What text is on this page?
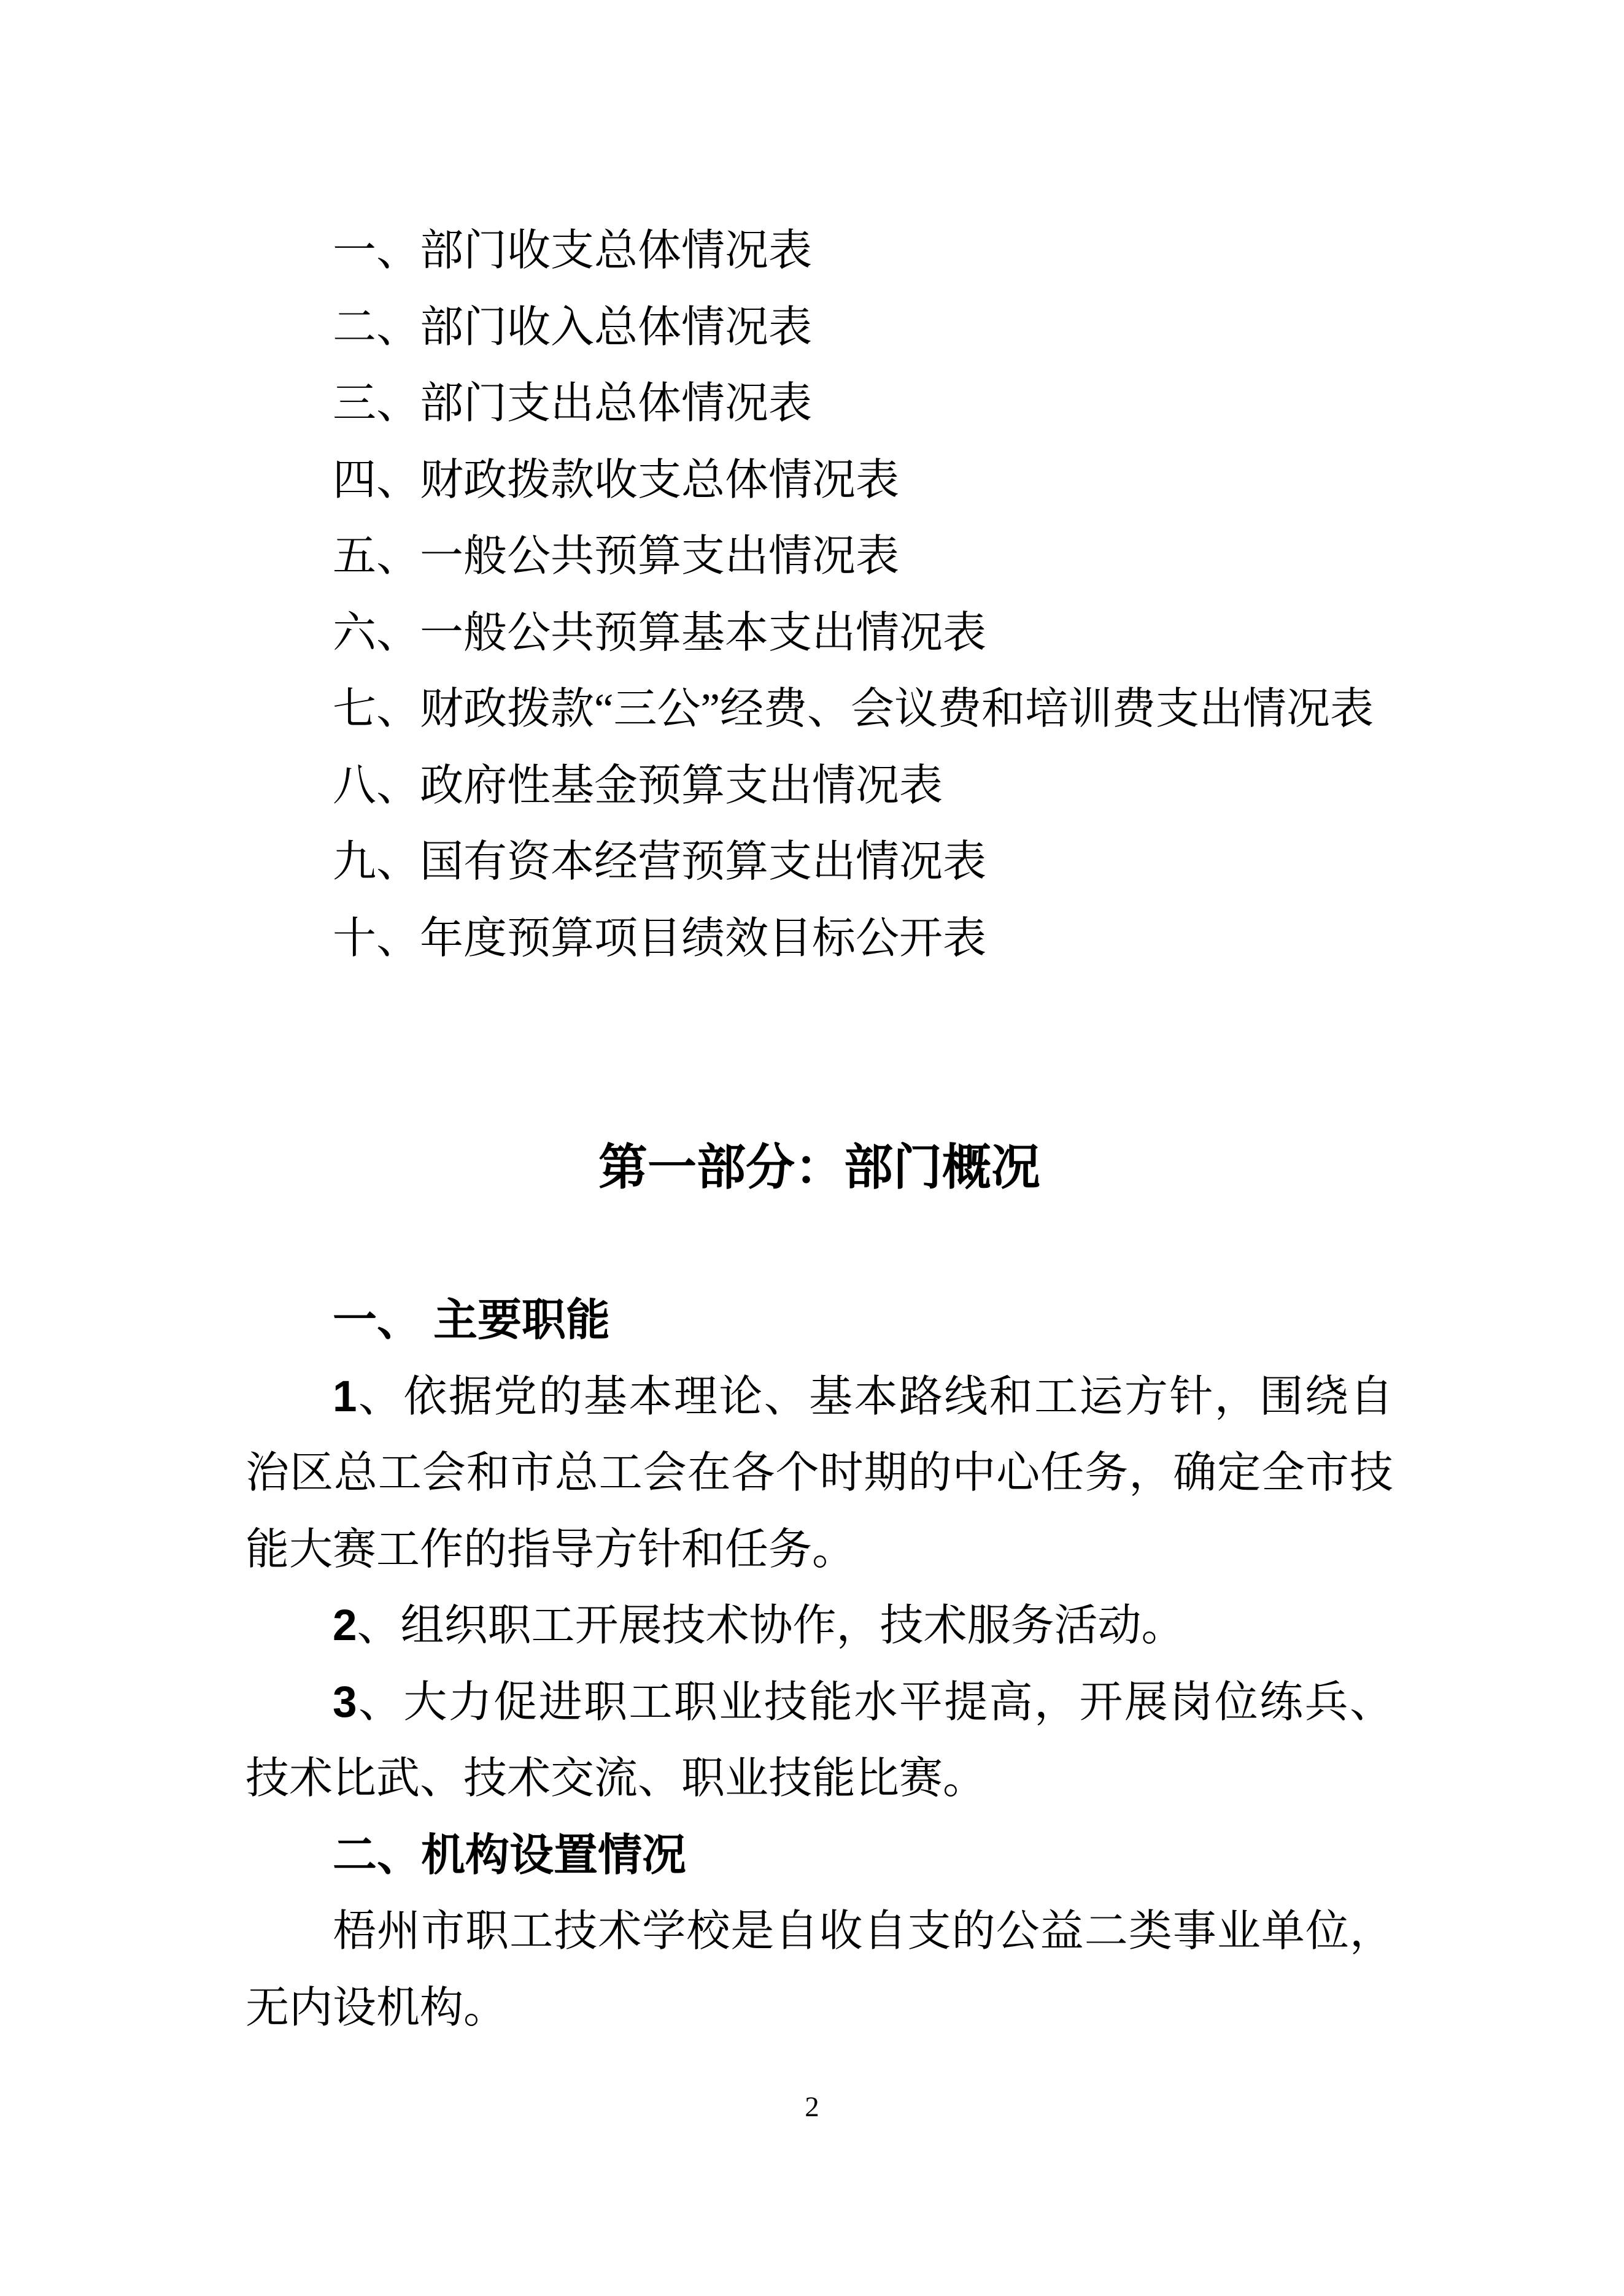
一、部门收支总体情况表

二、部门收入总体情况表

三、部门支出总体情况表

四、财政拨款收支总体情况表

五、一般公共预算支出情况表

六、一般公共预算基本支出情况表

七、财政拨款“三公”经费、会议费和培训费支出情况表

八、政府性基金预算支出情况表

九、国有资本经营预算支出情况表

十、年度预算项目绩效目标公开表

第一部分：部门概况

一、 主要职能

1、依据党的基本理论、基本路线和工运方针，围绕自治区总工会和市总工会在各个时期的中心任务，确定全市技能大赛工作的指导方针和任务。

2、组织职工开展技术协作，技术服务活动。

3、大力促进职工职业技能水平提高，开展岗位练兵、技术比武、技术交流、职业技能比赛。

二、机构设置情况

梧州市职工技术学校是自收自支的公益二类事业单位，无内设机构。

2
